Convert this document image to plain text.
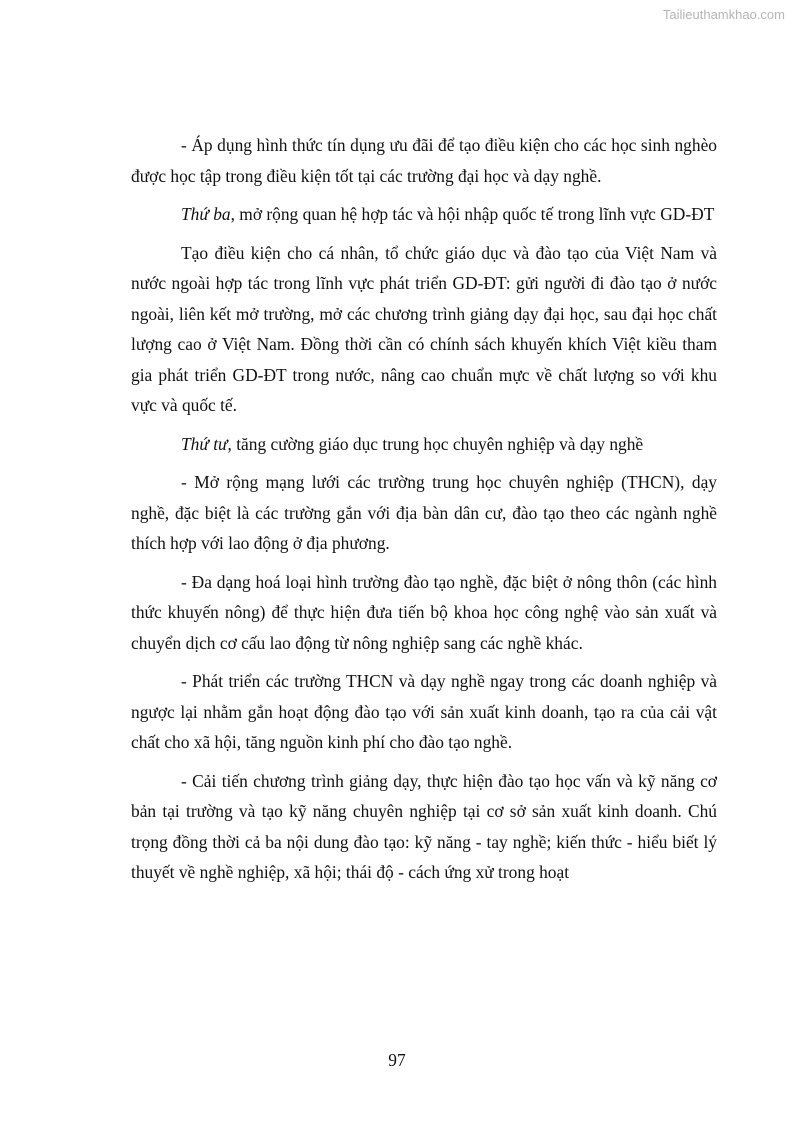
Tailieuthamkhao.com

- Áp dụng hình thức tín dụng ưu đãi để tạo điều kiện cho các học sinh nghèo được học tập trong điều kiện tốt tại các trường đại học và dạy nghề.

Thứ ba, mở rộng quan hệ hợp tác và hội nhập quốc tế trong lĩnh vực GD-ĐT

Tạo điều kiện cho cá nhân, tổ chức giáo dục và đào tạo của Việt Nam và nước ngoài hợp tác trong lĩnh vực phát triển GD-ĐT: gửi người đi đào tạo ở nước ngoài, liên kết mở trường, mở các chương trình giảng dạy đại học, sau đại học chất lượng cao ở Việt Nam. Đồng thời cần có chính sách khuyến khích Việt kiều tham gia phát triển GD-ĐT trong nước, nâng cao chuẩn mực về chất lượng so với khu vực và quốc tế.

Thứ tư, tăng cường giáo dục trung học chuyên nghiệp và dạy nghề

- Mở rộng mạng lưới các trường trung học chuyên nghiệp (THCN), dạy nghề, đặc biệt là các trường gắn với địa bàn dân cư, đào tạo theo các ngành nghề thích hợp với lao động ở địa phương.

- Đa dạng hoá loại hình trường đào tạo nghề, đặc biệt ở nông thôn (các hình thức khuyến nông) để thực hiện đưa tiến bộ khoa học công nghệ vào sản xuất và chuyển dịch cơ cấu lao động từ nông nghiệp sang các nghề khác.

- Phát triển các trường THCN và dạy nghề ngay trong các doanh nghiệp và ngược lại nhằm gắn hoạt động đào tạo với sản xuất kinh doanh, tạo ra của cải vật chất cho xã hội, tăng nguồn kinh phí cho đào tạo nghề.

- Cải tiến chương trình giảng dạy, thực hiện đào tạo học vấn và kỹ năng cơ bản tại trường và tạo kỹ năng chuyên nghiệp tại cơ sở sản xuất kinh doanh. Chú trọng đồng thời cả ba nội dung đào tạo: kỹ năng - tay nghề; kiến thức - hiểu biết lý thuyết về nghề nghiệp, xã hội; thái độ - cách ứng xử trong hoạt

97
